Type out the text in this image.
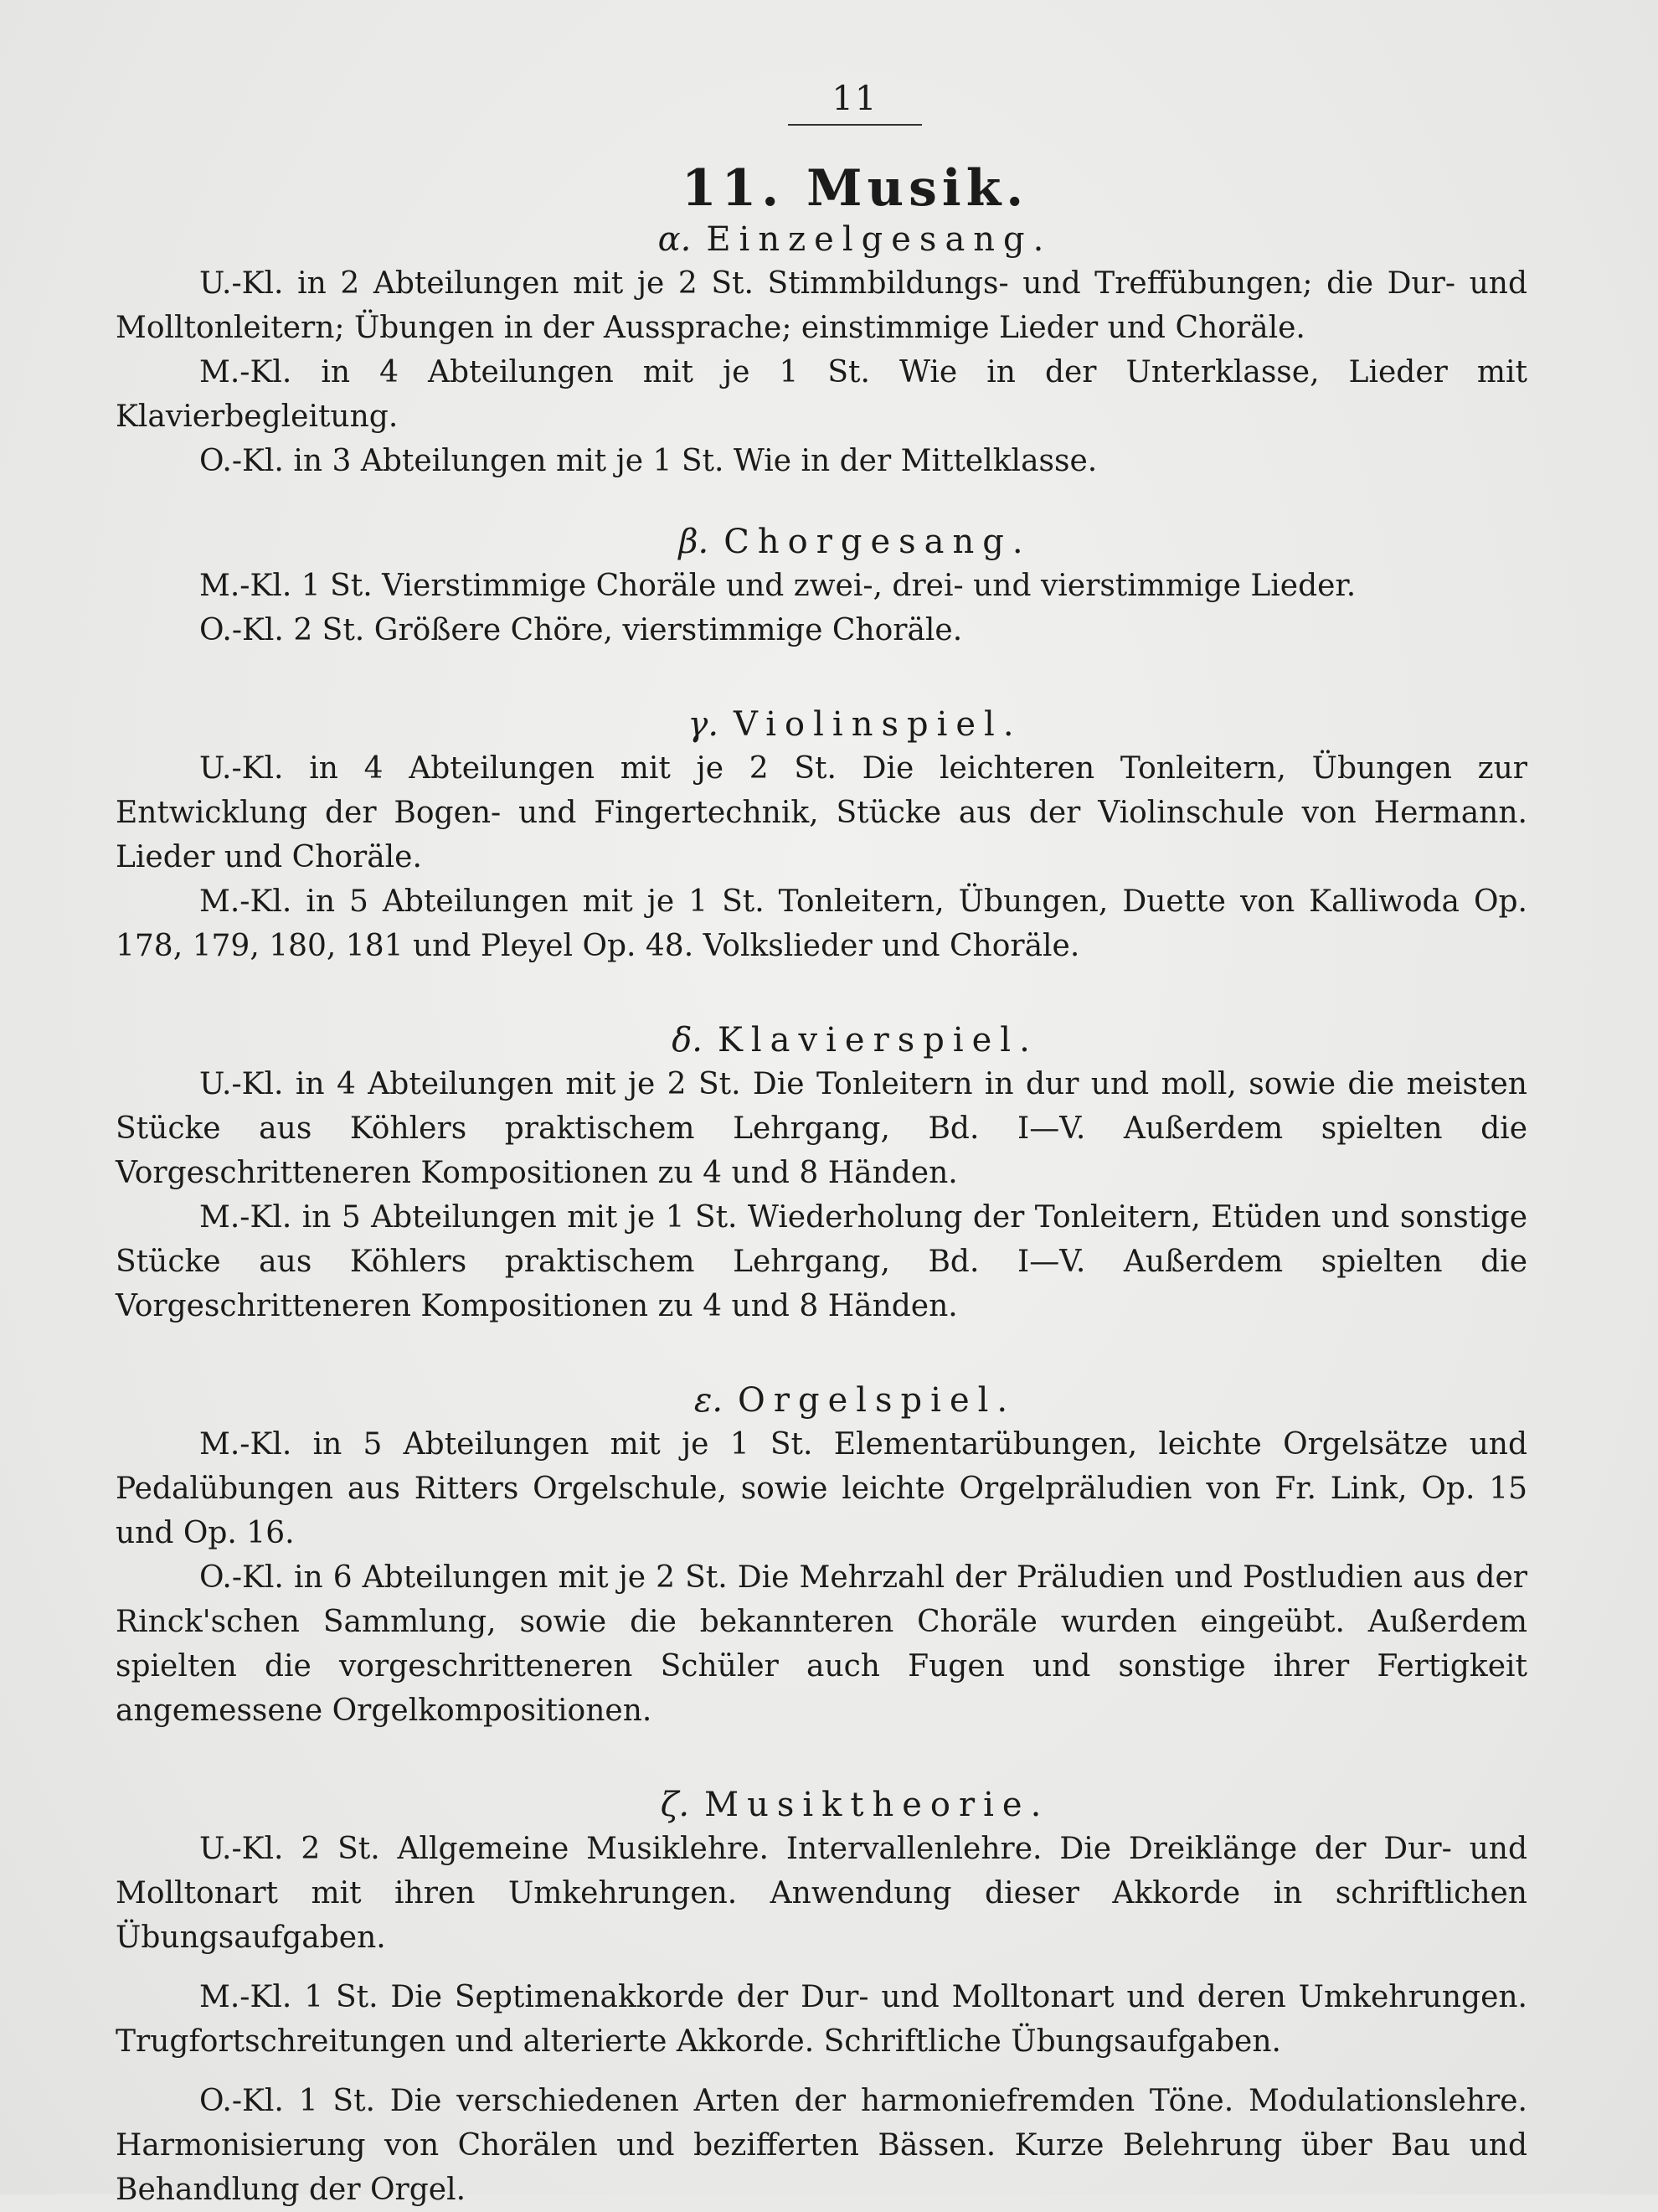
11
11. Musik.
α. Einzelgesang.

U.-Kl. in 2 Abteilungen mit je 2 St. Stimmbildungs- und Treffübungen; die Dur- und Molltonleitern; Übungen in der Aussprache; einstimmige Lieder und Choräle.

M.-Kl. in 4 Abteilungen mit je 1 St. Wie in der Unterklasse, Lieder mit Klavierbegleitung.

O.-Kl. in 3 Abteilungen mit je 1 St. Wie in der Mittelklasse.

β. Chorgesang.

M.-Kl. 1 St. Vierstimmige Choräle und zwei-, drei- und vierstimmige Lieder.

O.-Kl. 2 St. Größere Chöre, vierstimmige Choräle.

γ. Violinspiel.

U.-Kl. in 4 Abteilungen mit je 2 St. Die leichteren Tonleitern, Übungen zur Entwicklung der Bogen- und Fingertechnik, Stücke aus der Violinschule von Hermann. Lieder und Choräle.

M.-Kl. in 5 Abteilungen mit je 1 St. Tonleitern, Übungen, Duette von Kalliwoda Op. 178, 179, 180, 181 und Pleyel Op. 48. Volkslieder und Choräle.

δ. Klavierspiel.

U.-Kl. in 4 Abteilungen mit je 2 St. Die Tonleitern in dur und moll, sowie die meisten Stücke aus Köhlers praktischem Lehrgang, Bd. I—V. Außerdem spielten die Vorgeschritteneren Kompositionen zu 4 und 8 Händen.

M.-Kl. in 5 Abteilungen mit je 1 St. Wiederholung der Tonleitern, Etüden und sonstige Stücke aus Köhlers praktischem Lehrgang, Bd. I—V. Außerdem spielten die Vorgeschritteneren Kompositionen zu 4 und 8 Händen.

ε. Orgelspiel.

M.-Kl. in 5 Abteilungen mit je 1 St. Elementarübungen, leichte Orgelsätze und Pedalübungen aus Ritters Orgelschule, sowie leichte Orgelpräludien von Fr. Link, Op. 15 und Op. 16.

O.-Kl. in 6 Abteilungen mit je 2 St. Die Mehrzahl der Präludien und Postludien aus der Rinck'schen Sammlung, sowie die bekannteren Choräle wurden eingeübt. Außerdem spielten die vorgeschritteneren Schüler auch Fugen und sonstige ihrer Fertigkeit angemessene Orgelkompositionen.

ζ. Musiktheorie.

U.-Kl. 2 St. Allgemeine Musiklehre. Intervallenlehre. Die Dreiklänge der Dur- und Molltonart mit ihren Umkehrungen. Anwendung dieser Akkorde in schriftlichen Übungsaufgaben.

M.-Kl. 1 St. Die Septimenakkorde der Dur- und Molltonart und deren Umkehrungen. Trugfortschreitungen und alterierte Akkorde. Schriftliche Übungsaufgaben.

O.-Kl. 1 St. Die verschiedenen Arten der harmoniefremden Töne. Modulationslehre. Harmonisierung von Chorälen und bezifferten Bässen. Kurze Belehrung über Bau und Behandlung der Orgel.
